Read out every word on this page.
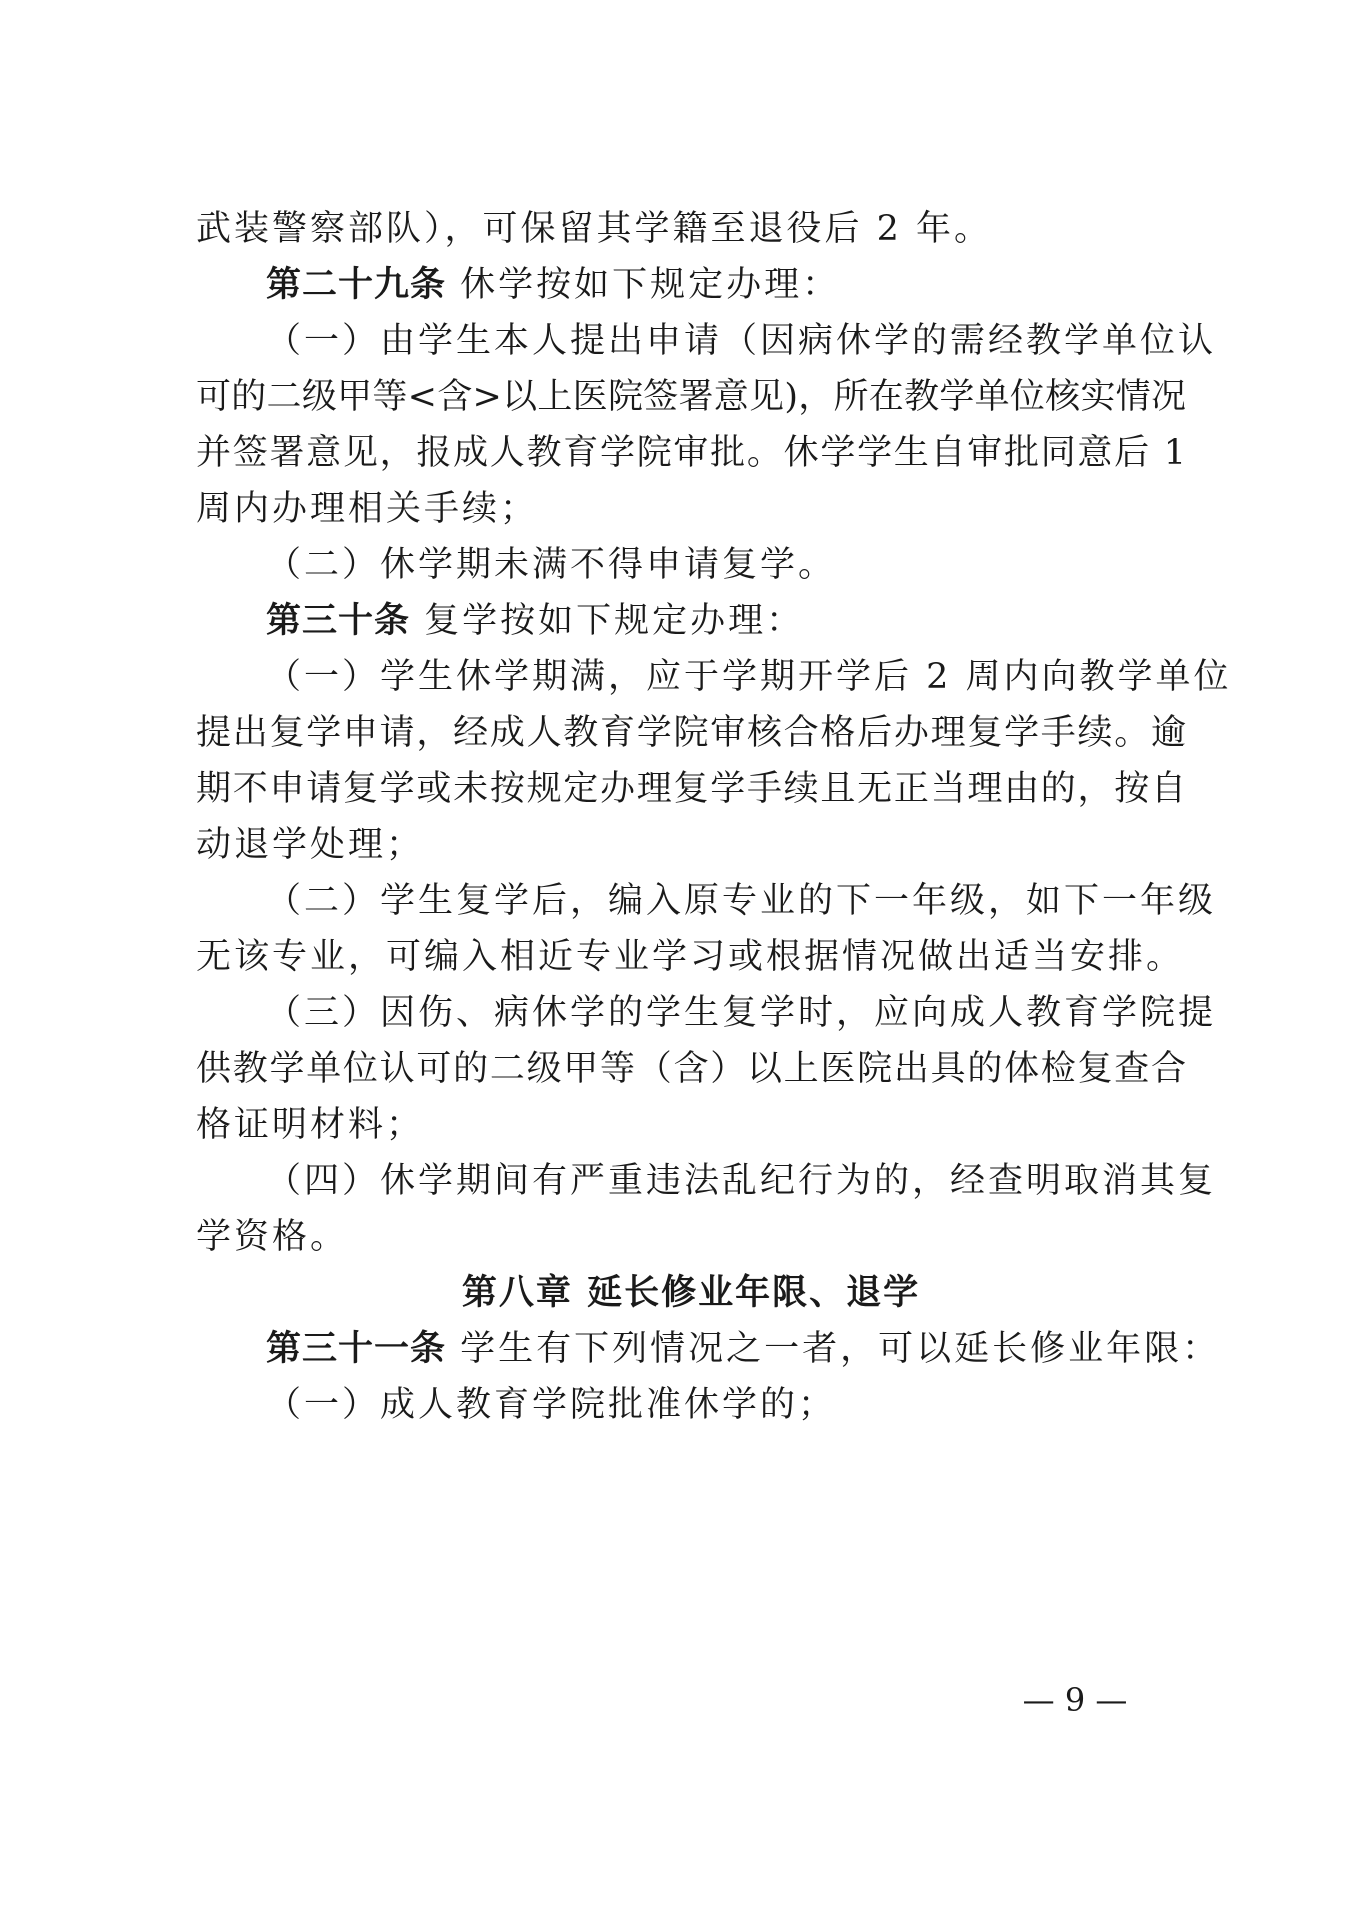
武装警察部队），可保留其学籍至退役后 2 年。
第二十九条 休学按如下规定办理：
（一）由学生本人提出申请（因病休学的需经教学单位认
可的二级甲等<含>以上医院签署意见)，所在教学单位核实情况
并签署意见，报成人教育学院审批。休学学生自审批同意后 1
周内办理相关手续；
（二）休学期未满不得申请复学。
第三十条 复学按如下规定办理：
（一）学生休学期满，应于学期开学后 2 周内向教学单位
提出复学申请，经成人教育学院审核合格后办理复学手续。逾
期不申请复学或未按规定办理复学手续且无正当理由的，按自
动退学处理；
（二）学生复学后，编入原专业的下一年级，如下一年级
无该专业，可编入相近专业学习或根据情况做出适当安排。
（三）因伤、病休学的学生复学时，应向成人教育学院提
供教学单位认可的二级甲等（含）以上医院出具的体检复查合
格证明材料；
（四）休学期间有严重违法乱纪行为的，经查明取消其复
学资格。
第八章 延长修业年限、退学
第三十一条 学生有下列情况之一者，可以延长修业年限：
（一）成人教育学院批准休学的；
— 9 —
